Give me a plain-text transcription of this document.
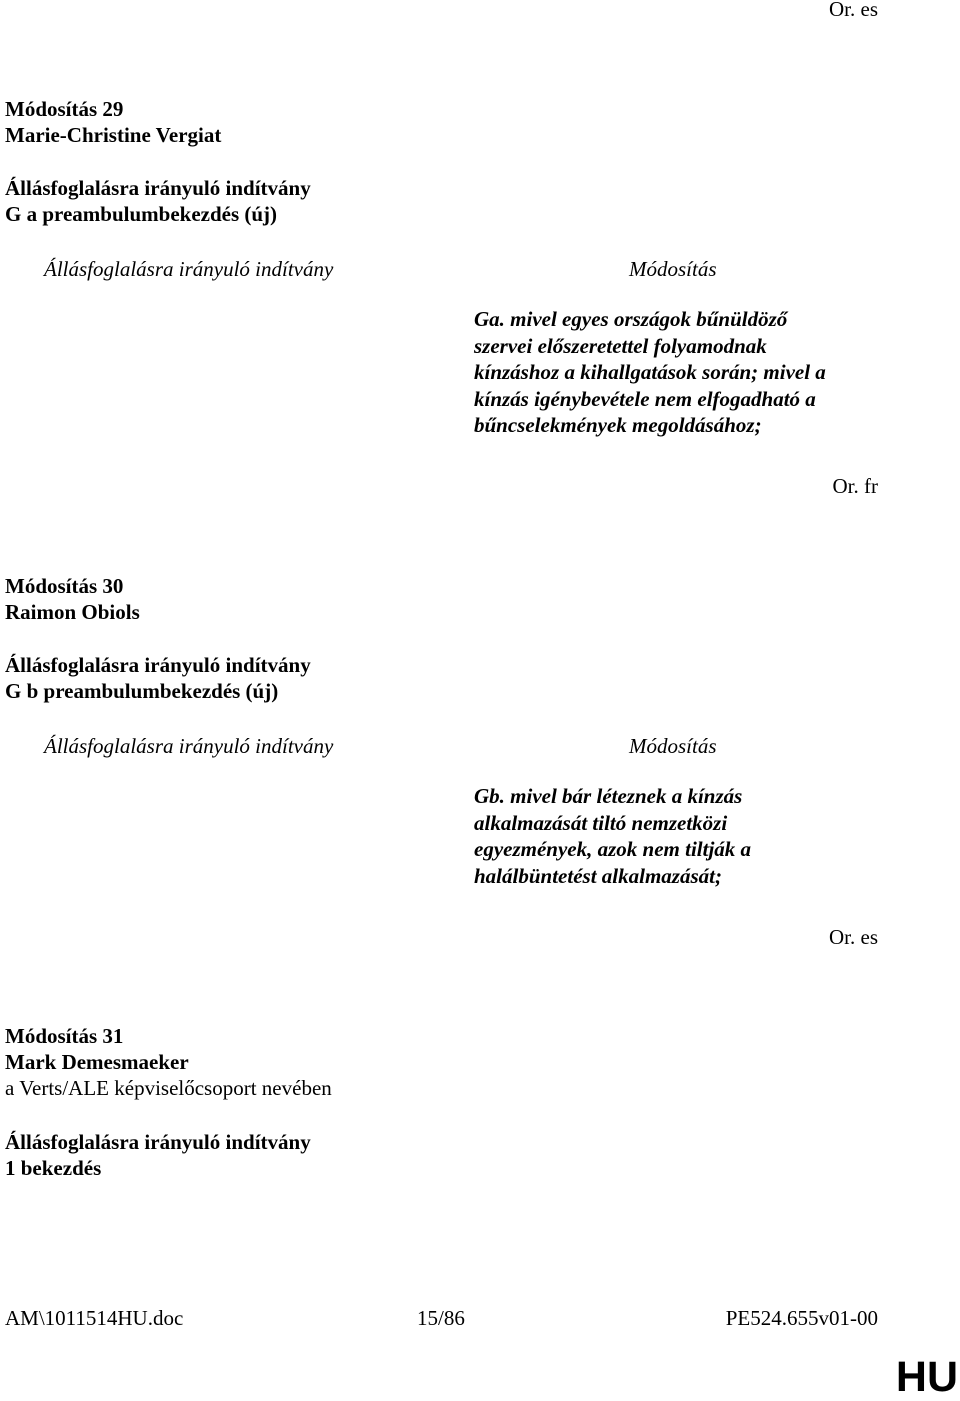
Or. es
Módosítás 29
Marie-Christine Vergiat
Állásfoglalásra irányuló indítvány
G a preambulumbekezdés (új)
Állásfoglalásra irányuló indítvány	Módosítás
Ga. mivel egyes országok bűnüldöző
szervei előszeretettel folyamodnak
kínzáshoz a kihallgatások során; mivel a
kínzás igénybevétele nem elfogadható a
bűncselekmények megoldásához;
Or. fr
Módosítás 30
Raimon Obiols
Állásfoglalásra irányuló indítvány
G b preambulumbekezdés (új)
Állásfoglalásra irányuló indítvány	Módosítás
Gb. mivel bár léteznek a kínzás
alkalmazását tiltó nemzetközi
egyezmények, azok nem tiltják a
halálbüntetést alkalmazását;
Or. es
Módosítás 31
Mark Demesmaeker
a Verts/ALE képviselőcsoport nevében
Állásfoglalásra irányuló indítvány
1 bekezdés
AM\1011514HU.doc	15/86	PE524.655v01-00
HU
